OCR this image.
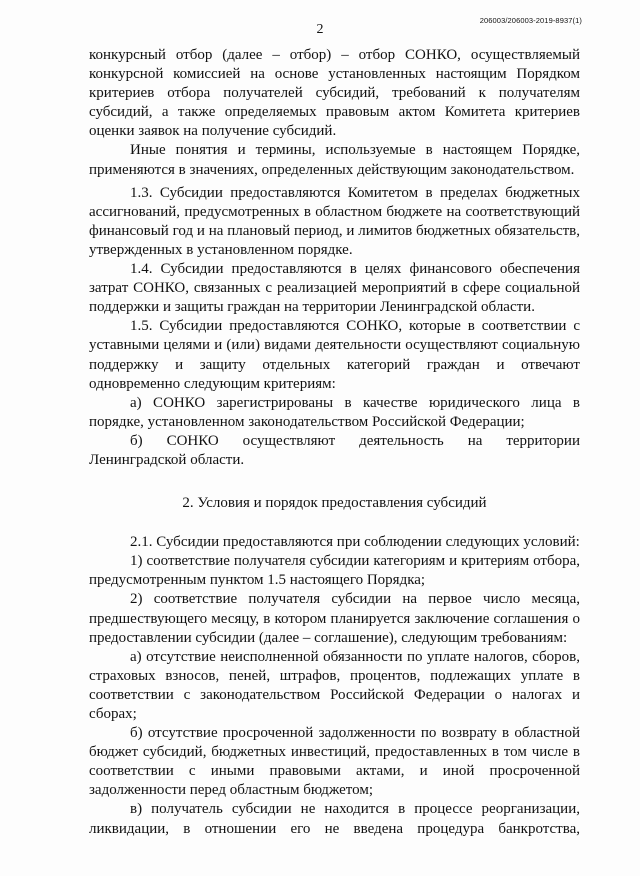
2
206003/206003-2019-8937(1)

конкурсный отбор (далее – отбор) – отбор СОНКО, осуществляемый конкурсной комиссией на основе установленных настоящим Порядком критериев отбора получателей субсидий, требований к получателям субсидий, а также определяемых правовым актом Комитета критериев оценки заявок на получение субсидий.

Иные понятия и термины, используемые в настоящем Порядке, применяются в значениях, определенных действующим законодательством.

1.3. Субсидии предоставляются Комитетом в пределах бюджетных ассигнований, предусмотренных в областном бюджете на соответствующий финансовый год и на плановый период, и лимитов бюджетных обязательств, утвержденных в установленном порядке.

1.4. Субсидии предоставляются в целях финансового обеспечения затрат СОНКО, связанных с реализацией мероприятий в сфере социальной поддержки и защиты граждан на территории Ленинградской области.

1.5. Субсидии предоставляются СОНКО, которые в соответствии с уставными целями и (или) видами деятельности осуществляют социальную поддержку и защиту отдельных категорий граждан и отвечают одновременно следующим критериям:

а) СОНКО зарегистрированы в качестве юридического лица в порядке, установленном законодательством Российской Федерации;

б) СОНКО осуществляют деятельность на территории Ленинградской области.

2. Условия и порядок предоставления субсидий

2.1. Субсидии предоставляются при соблюдении следующих условий:

1) соответствие получателя субсидии категориям и критериям отбора, предусмотренным пунктом 1.5 настоящего Порядка;

2) соответствие получателя субсидии на первое число месяца, предшествующего месяцу, в котором планируется заключение соглашения о предоставлении субсидии (далее – соглашение), следующим требованиям:

а) отсутствие неисполненной обязанности по уплате налогов, сборов, страховых взносов, пеней, штрафов, процентов, подлежащих уплате в соответствии с законодательством Российской Федерации о налогах и сборах;

б) отсутствие просроченной задолженности по возврату в областной бюджет субсидий, бюджетных инвестиций, предоставленных в том числе в соответствии с иными правовыми актами, и иной просроченной задолженности перед областным бюджетом;

в) получатель субсидии не находится в процессе реорганизации, ликвидации, в отношении его не введена процедура банкротства,
